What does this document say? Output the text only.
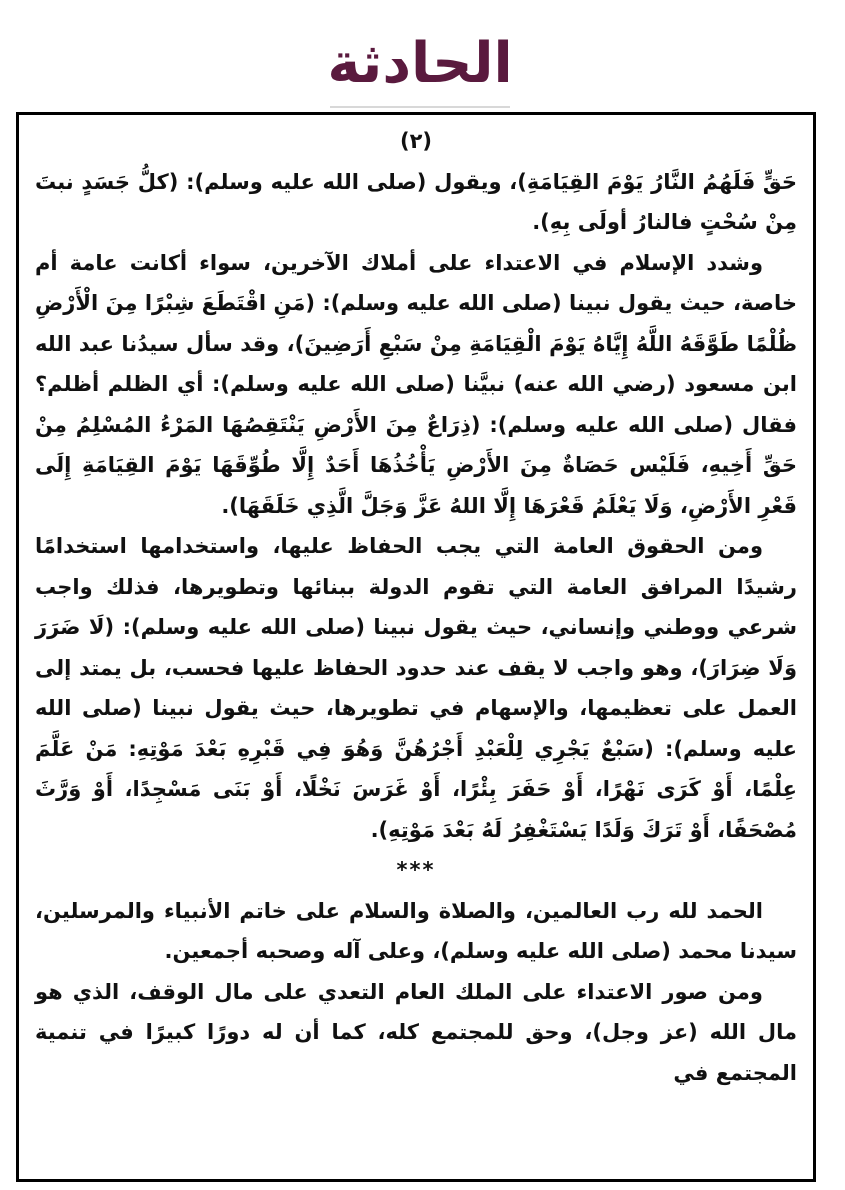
الحادثة

(٢)

حَقٍّ فَلَهُمُ النَّارُ يَوْمَ القِيَامَةِ)، ويقول (صلى الله عليه وسلم): (كلُّ جَسَدٍ نبتَ مِنْ سُحْتٍ فالنارُ أولَى بِهِ).

وشدد الإسلام في الاعتداء على أملاك الآخرين، سواء أكانت عامة أم خاصة، حيث يقول نبينا (صلى الله عليه وسلم): (مَنِ اقْتَطَعَ شِبْرًا مِنَ الْأَرْضِ ظُلْمًا طَوَّقَهُ اللَّهُ إِيَّاهُ يَوْمَ الْقِيَامَةِ مِنْ سَبْعِ أَرَضِينَ)، وقد سأل سيدُنا عبد الله ابن مسعود (رضي الله عنه) نبيَّنا (صلى الله عليه وسلم): أي الظلم أظلم؟ فقال (صلى الله عليه وسلم): (ذِرَاعٌ مِنَ الأَرْضِ يَنْتَقِصُهَا المَرْءُ المُسْلِمُ مِنْ حَقِّ أَخِيهِ، فَلَيْس حَصَاةٌ مِنَ الأَرْضِ يَأْخُذُهَا أَحَدٌ إِلَّا طُوِّقَهَا يَوْمَ القِيَامَةِ إِلَى قَعْرِ الأَرْضِ، وَلَا يَعْلَمُ قَعْرَهَا إِلَّا اللهُ عَزَّ وَجَلَّ الَّذِي خَلَقَهَا).

ومن الحقوق العامة التي يجب الحفاظ عليها، واستخدامها استخدامًا رشيدًا المرافق العامة التي تقوم الدولة ببنائها وتطويرها، فذلك واجب شرعي ووطني وإنساني، حيث يقول نبينا (صلى الله عليه وسلم): (لَا ضَرَرَ وَلَا ضِرَارَ)، وهو واجب لا يقف عند حدود الحفاظ عليها فحسب، بل يمتد إلى العمل على تعظيمها، والإسهام في تطويرها، حيث يقول نبينا (صلى الله عليه وسلم): (سَبْعٌ يَجْرِي لِلْعَبْدِ أَجْرُهُنَّ وَهُوَ فِي قَبْرِهِ بَعْدَ مَوْتِهِ: مَنْ عَلَّمَ عِلْمًا، أَوْ كَرَى نَهْرًا، أَوْ حَفَرَ بِئْرًا، أَوْ غَرَسَ نَخْلًا، أَوْ بَنَى مَسْجِدًا، أَوْ وَرَّثَ مُصْحَفًا، أَوْ تَرَكَ وَلَدًا يَسْتَغْفِرُ لَهُ بَعْدَ مَوْتِهِ).

***

الحمد لله رب العالمين، والصلاة والسلام على خاتم الأنبياء والمرسلين، سيدنا محمد (صلى الله عليه وسلم)، وعلى آله وصحبه أجمعين.

ومن صور الاعتداء على الملك العام التعدي على مال الوقف، الذي هو مال الله (عز وجل)، وحق للمجتمع كله، كما أن له دورًا كبيرًا في تنمية المجتمع في
